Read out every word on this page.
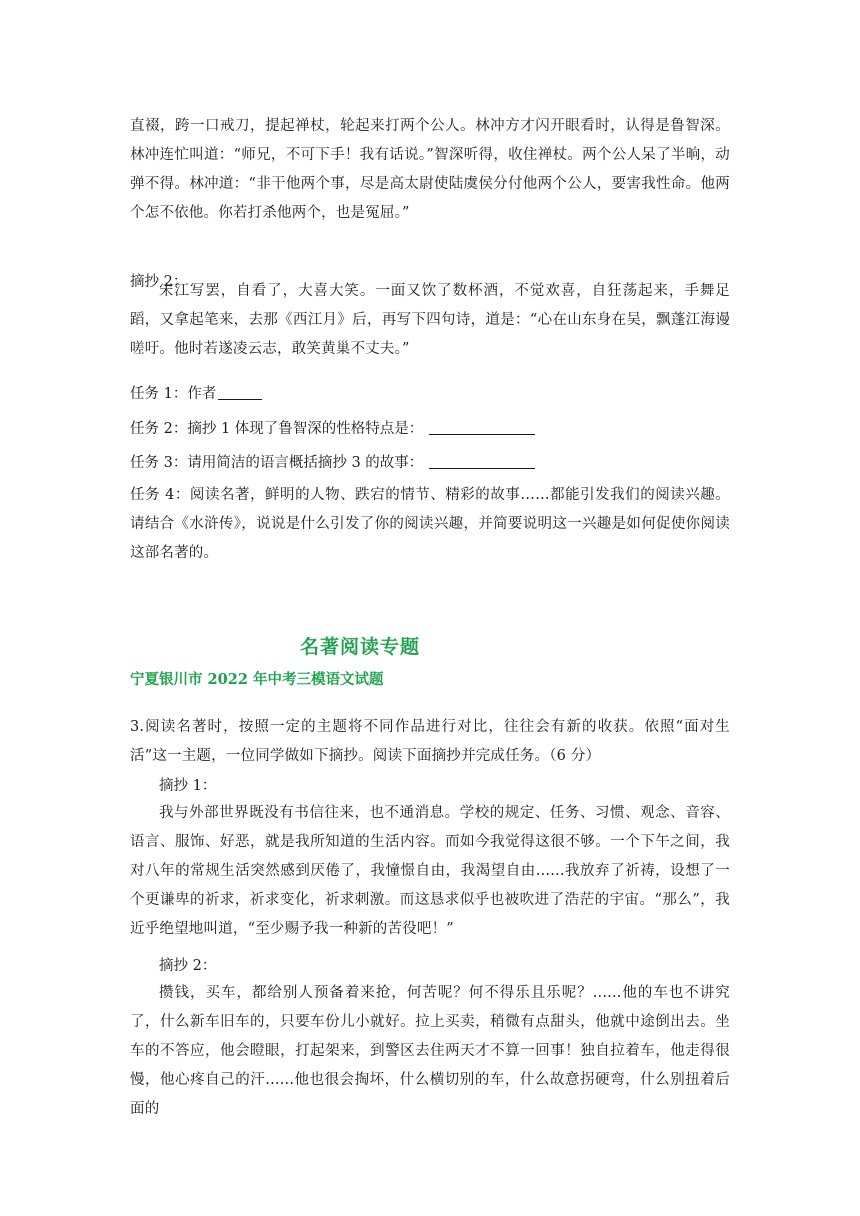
直裰，跨一口戒刀，提起禅杖，轮起来打两个公人。林冲方才闪开眼看时，认得是鲁智深。林冲连忙叫道：“师兄，不可下手！我有话说。”智深听得，收住禅杖。两个公人呆了半晌，动弹不得。林冲道：“非干他两个事，尽是高太尉使陆虞侯分付他两个公人，要害我性命。他两个怎不依他。你若打杀他两个，也是冤屈。”

摘抄 2：

宋江写罢，自看了，大喜大笑。一面又饮了数杯酒，不觉欢喜，自狂荡起来，手舞足蹈，又拿起笔来，去那《西江月》后，再写下四句诗，道是：“心在山东身在吴，飘蓬江海谩嗟吁。他时若遂凌云志，敢笑黄巢不丈夫。”

任务 1：作者

任务 2：摘抄 1 体现了鲁智深的性格特点是：

任务 3：请用简洁的语言概括摘抄 3 的故事：

任务 4：阅读名著，鲜明的人物、跌宕的情节、精彩的故事……都能引发我们的阅读兴趣。请结合《水浒传》，说说是什么引发了你的阅读兴趣，并简要说明这一兴趣是如何促使你阅读这部名著的。

名著阅读专题
宁夏银川市 2022 年中考三模语文试题

3.阅读名著时，按照一定的主题将不同作品进行对比，往往会有新的收获。依照“面对生活”这一主题，一位同学做如下摘抄。阅读下面摘抄并完成任务。（6 分）

摘抄 1：

我与外部世界既没有书信往来，也不通消息。学校的规定、任务、习惯、观念、音容、语言、服饰、好恶，就是我所知道的生活内容。而如今我觉得这很不够。一个下午之间，我对八年的常规生活突然感到厌倦了，我憧憬自由，我渴望自由......我放弃了祈祷，设想了一个更谦卑的祈求，祈求变化，祈求刺激。而这恳求似乎也被吹进了浩茫的宇宙。“那么”，我近乎绝望地叫道，“至少赐予我一种新的苦役吧！”

摘抄 2：

攒钱，买车，都给别人预备着来抢，何苦呢？何不得乐且乐呢？......他的车也不讲究了，什么新车旧车的，只要车份儿小就好。拉上买卖，稍微有点甜头，他就中途倒出去。坐车的不答应，他会瞪眼，打起架来，到警区去住两天才不算一回事！独自拉着车，他走得很慢，他心疼自己的汗......他也很会掏坏，什么横切别的车，什么故意拐硬弯，什么别扭着后面的
